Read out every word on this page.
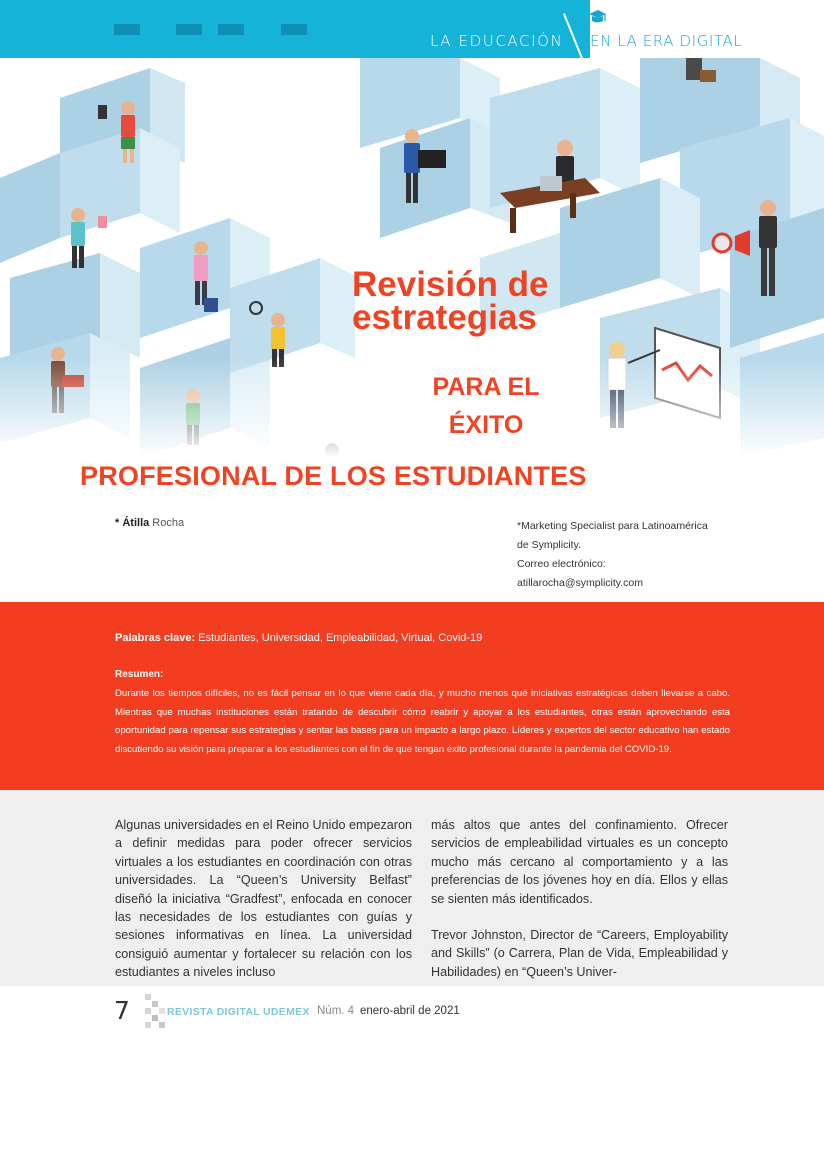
LA EDUCACIÓN EN LA ERA DIGITAL
Revisión de
estrategias
PARA EL
ÉXITO
PROFESIONAL DE LOS ESTUDIANTES
* Átilla Rocha	*Marketing Specialist para Latinoamérica
de Symplicity.
Correo electrónico:
atillarocha@symplicity.com
Palabras clave: Estudiantes, Universidad, Empleabilidad, Virtual, Covid-19
Resumen:
Durante los tiempos difíciles, no es fácil pensar en lo que viene cada día, y mucho menos qué iniciativas estratégicas deben llevarse a cabo. Mientras que muchas instituciones están tratando de descubrir cómo reabrir y apoyar a los estudiantes, otras están aprovechando esta oportunidad para repensar sus estrategias y sentar las bases para un impacto a largo plazo. Líderes y expertos del sector educativo han estado discutiendo su visión para preparar a los estudiantes con el fin de que tengan éxito profesional durante la pandemia del COVID-19.

Algunas universidades en el Reino Unido empezaron a definir medidas para poder ofrecer servicios virtuales a los estudiantes en coordinación con otras universidades. La “Queen’s University Belfast” diseñó la iniciativa “Gradfest”, enfocada en conocer las necesidades de los estudiantes con guías y sesiones informativas en línea. La universidad consiguió aumentar y fortalecer su relación con los estudiantes a niveles incluso

más altos que antes del confinamiento. Ofrecer servicios de empleabilidad virtuales es un concepto mucho más cercano al comportamiento y a las preferencias de los jóvenes hoy en día. Ellos y ellas se sienten más identificados.

Trevor Johnston, Director de “Careers, Employability and Skills” (o Carrera, Plan de Vida, Empleabilidad y Habilidades) en “Queen’s Univer-

7	REVISTA DIGITAL UDEMEX Núm. 4 enero-abril de 2021
